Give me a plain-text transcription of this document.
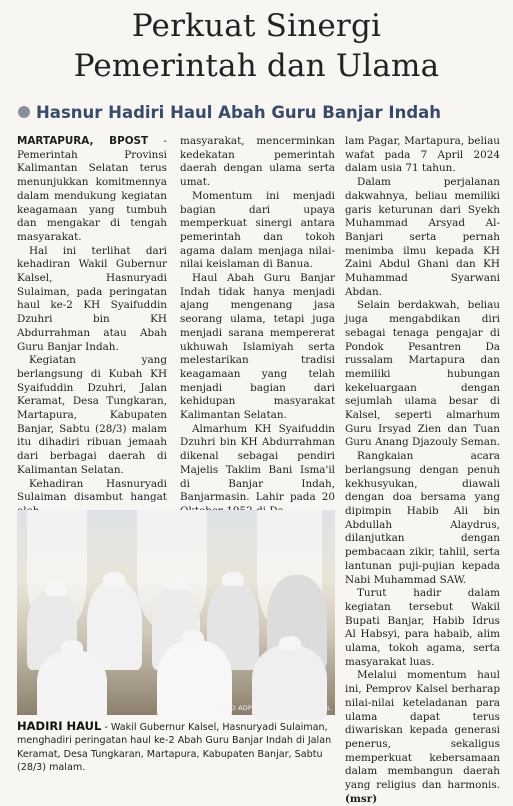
Perkuat Sinergi
Pemerintah dan Ulama
Hasnur Hadiri Haul Abah Guru Banjar Indah

MARTAPURA, BPOST - Pemerintah Provinsi Kalimantan Selatan terus menunjukkan komitmennya dalam mendukung kegiatan keagamaan yang tumbuh dan mengakar di tengah masyarakat.

Hal ini terlihat dari kehadiran Wakil Gubernur Kalsel, Hasnuryadi Sulaiman, pada peringatan haul ke-2 KH Syaifuddin Dzuhri bin KH Abdurrahman atau Abah Guru Banjar Indah.

Kegiatan yang berlangsung di Kubah KH Syaifuddin Dzuhri, Jalan Keramat, Desa Tungkaran, Martapura, Kabupaten Banjar, Sabtu (28/3) malam itu dihadiri ribuan jemaah dari berbagai daerah di Kalimantan Selatan.

Kehadiran Hasnuryadi Sulaiman disambut hangat

masyarakat, mencerminkan kedekatan pemerintah daerah dengan ulama serta umat.

Momentum ini menjadi bagian dari upaya memperkuat sinergi antara pemerintah dan tokoh agama dalam menjaga nilai-nilai keislaman di Banua.

Haul Abah Guru Banjar Indah tidak hanya menjadi ajang mengenang jasa seorang ulama, tetapi juga menjadi sarana mempererat ukhuwah Islamiyah serta melestarikan tradisi keagamaan yang telah menjadi bagian dari kehidupan masyarakat Kalimantan Selatan.

Almarhum KH Syaifuddin Dzuhri bin KH Abdurrahman dikenal sebagai pendiri Majelis Taklim Bani Isma'il di Banjar Indah, Banjarmasin. Lahir pada 20

lam Pagar, Martapura, beliau wafat pada 7 April 2024 dalam usia 71 tahun.

Dalam perjalanan dakwahnya, beliau memiliki garis keturunan dari Syekh Muhammad Arsyad Al-Banjari serta pernah menimba ilmu kepada KH Zaini Abdul Ghani dan KH Muhammad Syarwani Abdan.

Selain berdakwah, beliau juga mengabdikan diri sebagai tenaga pengajar di Pondok Pesantren Da russalam Martapura dan memiliki hubungan kekeluargaan dengan sejumlah ulama besar di Kalsel, seperti almarhum Guru Irsyad Zien dan Tuan Guru Anang Djazouly Seman.

Rangkaian acara berlangsung dengan penuh kekhusyukan, diawali dengan doa bersama yang dipimpin Habib Ali bin Abdullah Alaydrus, dilanjutkan dengan pembacaan zikir, tahlil, serta lantunan puji-pujian kepada Nabi Muhammad SAW.

Turut hadir dalam kegiatan tersebut Wakil Bupati Banjar, Habib Idrus Al Habsyi, para habaib, alim ulama, tokoh agama, serta masyarakat luas.

Melalui momentum haul ini, Pemprov Kalsel berharap nilai-nilai keteladanan para ulama dapat terus diwariskan kepada generasi penerus, sekaligus memperkuat kebersamaan dalam membangun daerah yang religius dan harmonis. (msr)

BIRO ADPIM SETDAPROV KALSEL
HADIRI HAUL - Wakil Gubernur Kalsel, Hasnuryadi Sulaiman, menghadiri peringatan haul ke-2 Abah Guru Banjar Indah di Jalan Keramat, Desa Tungkaran, Martapura, Kabupaten Banjar, Sabtu (28/3) malam.
